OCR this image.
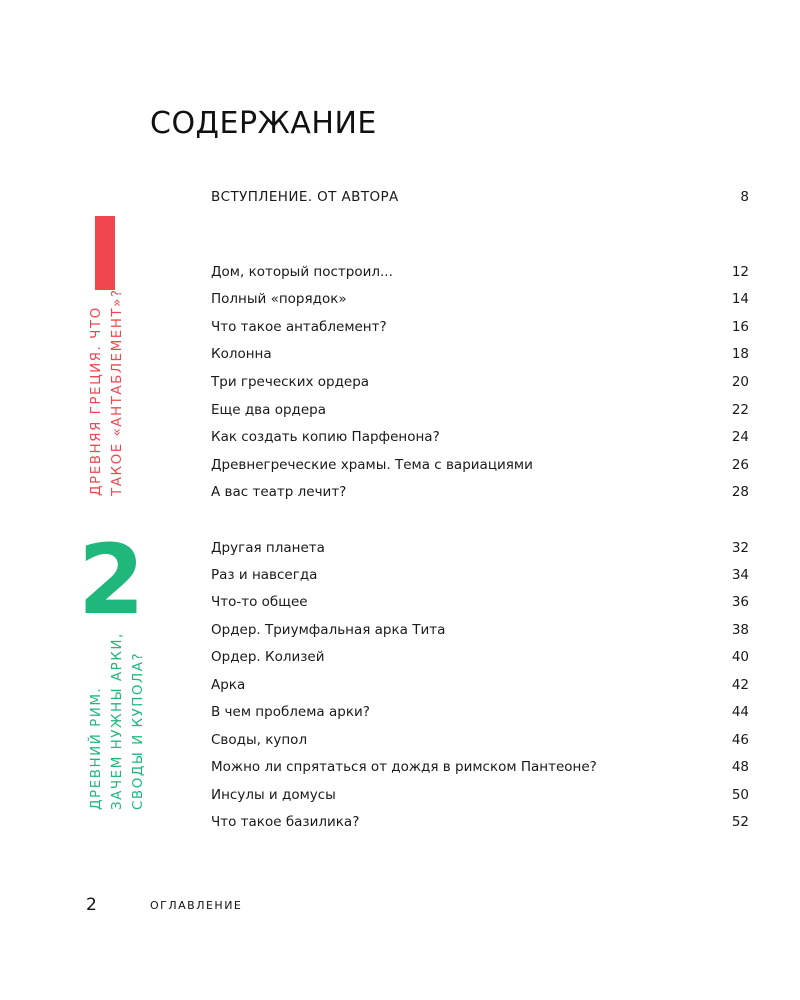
СОДЕРЖАНИЕ
ВСТУПЛЕНИЕ. ОТ АВТОРА	8
ДРЕВНЯЯ ГРЕЦИЯ. ЧТО ТАКОЕ «АНТАБЛЕМЕНТ»?
2
ДРЕВНИЙ РИМ. ЗАЧЕМ НУЖНЫ АРКИ, СВОДЫ И КУПОЛА?
Дом, который построил...	12
Полный «порядок»	14
Что такое антаблемент?	16
Колонна	18
Три греческих ордера	20
Еще два ордера	22
Как создать копию Парфенона?	24
Древнегреческие храмы. Тема с вариациями	26
А вас театр лечит?	28
Другая планета	32
Раз и навсегда	34
Что-то общее	36
Ордер. Триумфальная арка Тита	38
Ордер. Колизей	40
Арка	42
В чем проблема арки?	44
Своды, купол	46
Можно ли спрятаться от дождя в римском Пантеоне?	48
Инсулы и домусы	50
Что такое базилика?	52
2	ОГЛАВЛЕНИЕ
